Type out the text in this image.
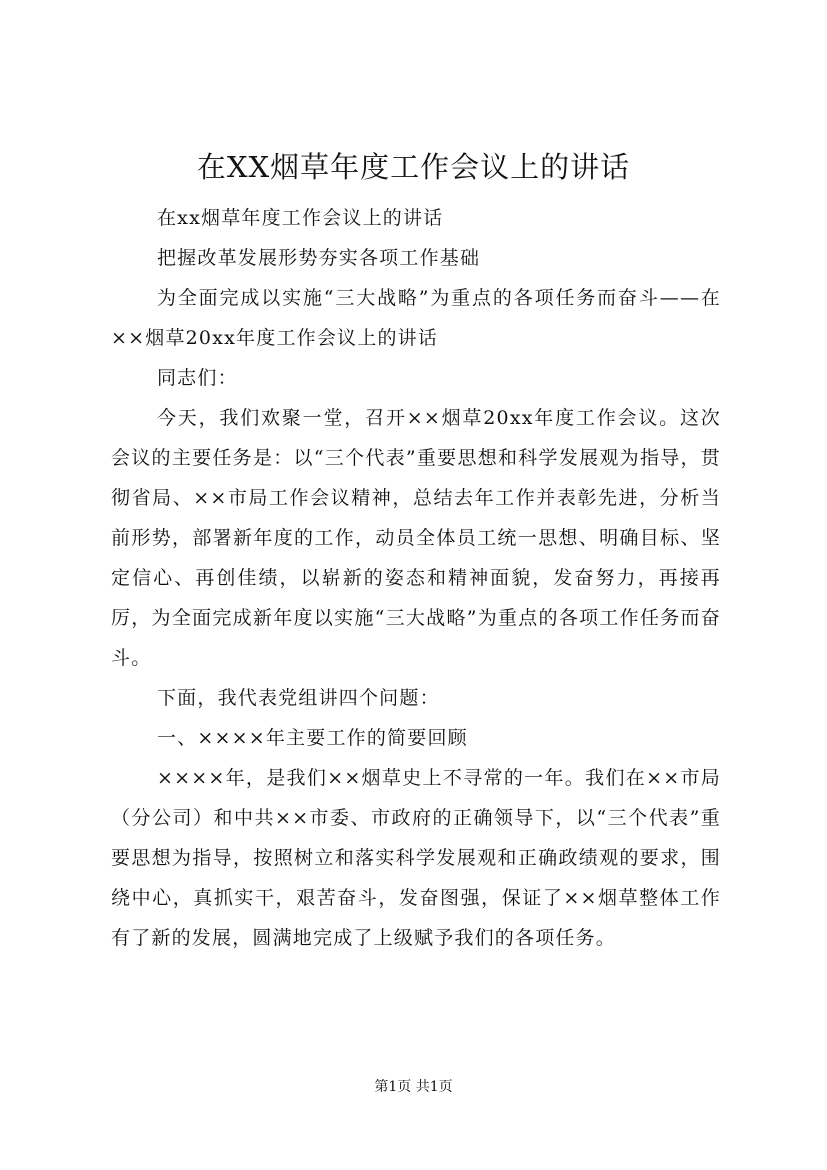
在XX烟草年度工作会议上的讲话

在xx烟草年度工作会议上的讲话

把握改革发展形势夯实各项工作基础

为全面完成以实施“三大战略”为重点的各项任务而奋斗——在××烟草20xx年度工作会议上的讲话

同志们：

今天，我们欢聚一堂，召开××烟草20xx年度工作会议。这次会议的主要任务是：以“三个代表”重要思想和科学发展观为指导，贯彻省局、××市局工作会议精神，总结去年工作并表彰先进，分析当前形势，部署新年度的工作，动员全体员工统一思想、明确目标、坚定信心、再创佳绩，以崭新的姿态和精神面貌，发奋努力，再接再厉，为全面完成新年度以实施“三大战略”为重点的各项工作任务而奋斗。

下面，我代表党组讲四个问题：

一、××××年主要工作的简要回顾

××××年，是我们××烟草史上不寻常的一年。我们在××市局（分公司）和中共××市委、市政府的正确领导下，以“三个代表”重要思想为指导，按照树立和落实科学发展观和正确政绩观的要求，围绕中心，真抓实干，艰苦奋斗，发奋图强，保证了××烟草整体工作有了新的发展，圆满地完成了上级赋予我们的各项任务。

第1页 共1页
